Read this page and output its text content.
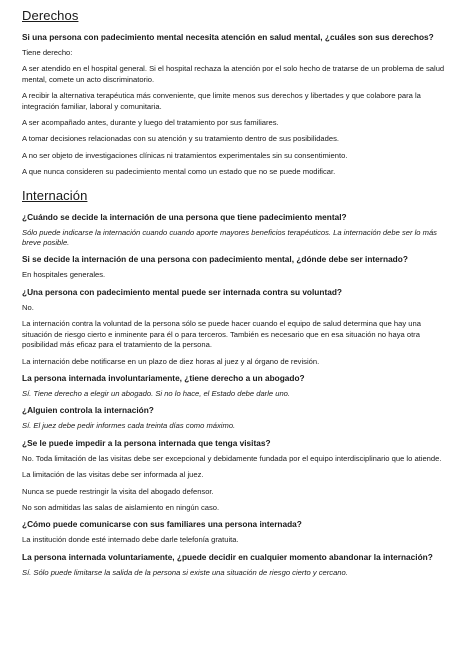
Derechos
Si una persona con padecimiento mental necesita atención en salud mental, ¿cuáles son sus derechos?
Tiene derecho:
A ser atendido en el hospital general. Si el hospital rechaza la atención por el solo hecho de tratarse de un problema de salud mental, comete un acto discriminatorio.
A recibir la alternativa terapéutica más conveniente, que limite menos sus derechos y libertades y que colabore para la integración familiar, laboral y comunitaria.
A ser acompañado antes, durante y luego del tratamiento por sus familiares.
A tomar decisiones relacionadas con su atención y su tratamiento dentro de sus posibilidades.
A no ser objeto de investigaciones clínicas ni tratamientos experimentales sin su consentimiento.
A que nunca consideren su padecimiento mental como un estado que no se puede modificar.
Internación
¿Cuándo se decide la internación de una persona que tiene padecimiento mental?
Sólo puede indicarse la internación cuando cuando aporte mayores beneficios terapéuticos. La internación debe ser lo más breve posible.
Si se decide la internación de una persona con padecimiento mental, ¿dónde debe ser internado?
En hospitales generales.
¿Una persona con padecimiento mental puede ser internada contra su voluntad?
No.
La internación contra la voluntad de la persona sólo se puede hacer cuando el equipo de salud determina que hay una situación de riesgo cierto e inminente para él o para terceros. También es necesario que en esa situación no haya otra posibilidad más eficaz para el tratamiento de la persona.
La internación debe notificarse en un plazo de diez horas al juez y al órgano de revisión.
La persona internada involuntariamente, ¿tiene derecho a un abogado?
Sí. Tiene derecho a elegir un abogado. Si no lo hace, el Estado debe darle uno.
¿Alguien controla la internación?
Sí. El juez debe pedir informes cada treinta días como máximo.
¿Se le puede impedir a la persona internada que tenga visitas?
No. Toda limitación de las visitas debe ser excepcional y debidamente fundada por el equipo interdisciplinario que lo atiende.
La limitación de las visitas debe ser informada al juez.
Nunca se puede restringir la visita del abogado defensor.
No son admitidas las salas de aislamiento en ningún caso.
¿Cómo puede comunicarse con sus familiares una persona internada?
La institución donde esté internado debe darle telefonía gratuita.
La persona internada voluntariamente, ¿puede decidir en cualquier momento abandonar la internación?
Sí. Sólo puede limitarse la salida de la persona si existe una situación de riesgo cierto y cercano.
